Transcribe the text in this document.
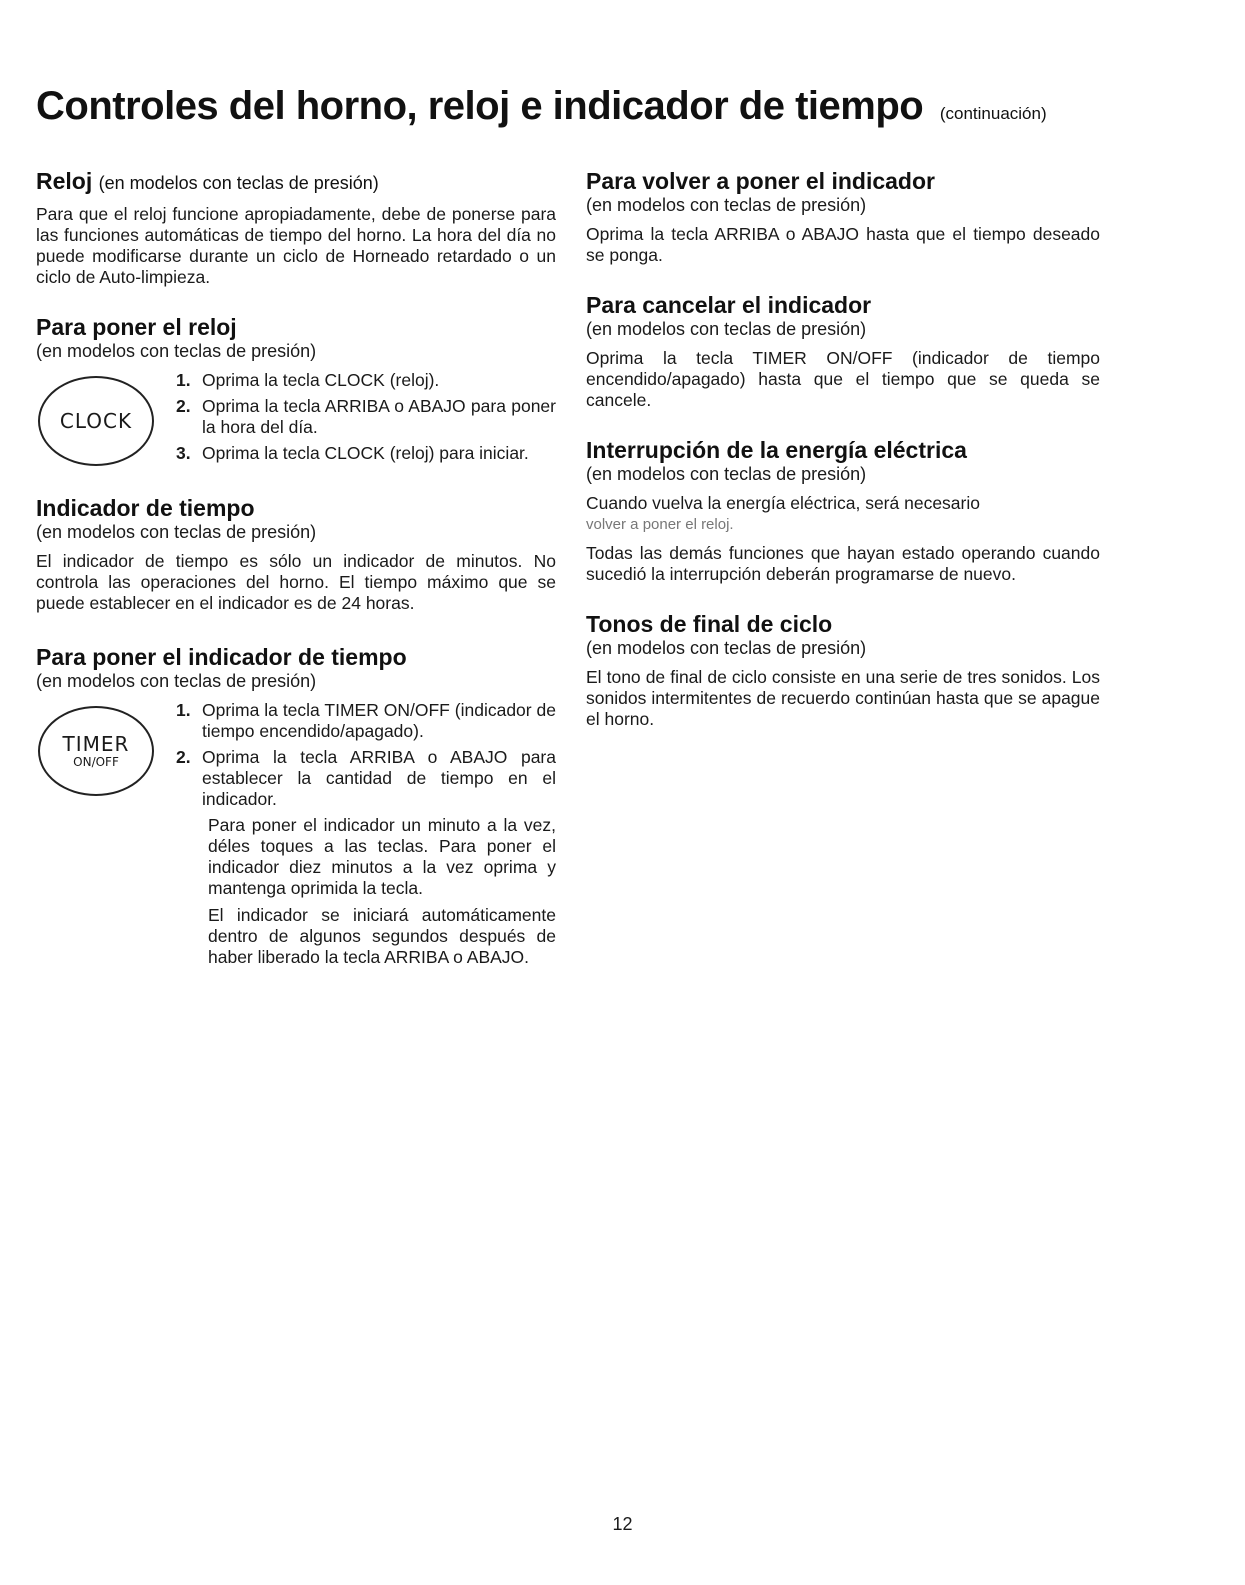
Controles del horno, reloj e indicador de tiempo (continuación)
Reloj (en modelos con teclas de presión)

Para que el reloj funcione apropiadamente, debe de ponerse para las funciones automáticas de tiempo del horno. La hora del día no puede modificarse durante un ciclo de Horneado retardado o un ciclo de Auto-limpieza.

Para poner el reloj
(en modelos con teclas de presión)
CLOCK
1. Oprima la tecla CLOCK (reloj).
2. Oprima la tecla ARRIBA o ABAJO para poner la hora del día.
3. Oprima la tecla CLOCK (reloj) para iniciar.
Indicador de tiempo
(en modelos con teclas de presión)

El indicador de tiempo es sólo un indicador de minutos. No controla las operaciones del horno. El tiempo máximo que se puede establecer en el indicador es de 24 horas.

Para poner el indicador de tiempo
(en modelos con teclas de presión)
TIMER
ON/OFF
1. Oprima la tecla TIMER ON/OFF (indicador de tiempo encendido/apagado).
2. Oprima la tecla ARRIBA o ABAJO para establecer la cantidad de tiempo en el indicador.

Para poner el indicador un minuto a la vez, déles toques a las teclas. Para poner el indicador diez minutos a la vez oprima y mantenga oprimida la tecla.

El indicador se iniciará automáticamente dentro de algunos segundos después de haber liberado la tecla ARRIBA o ABAJO.

Para volver a poner el indicador
(en modelos con teclas de presión)

Oprima la tecla ARRIBA o ABAJO hasta que el tiempo deseado se ponga.

Para cancelar el indicador
(en modelos con teclas de presión)

Oprima la tecla TIMER ON/OFF (indicador de tiempo encendido/apagado) hasta que el tiempo que se queda se cancele.

Interrupción de la energía eléctrica
(en modelos con teclas de presión)

Cuando vuelva la energía eléctrica, será necesario

volver a poner el reloj.

Todas las demás funciones que hayan estado operando cuando sucedió la interrupción deberán programarse de nuevo.

Tonos de final de ciclo
(en modelos con teclas de presión)

El tono de final de ciclo consiste en una serie de tres sonidos. Los sonidos intermitentes de recuerdo continúan hasta que se apague el horno.

12
